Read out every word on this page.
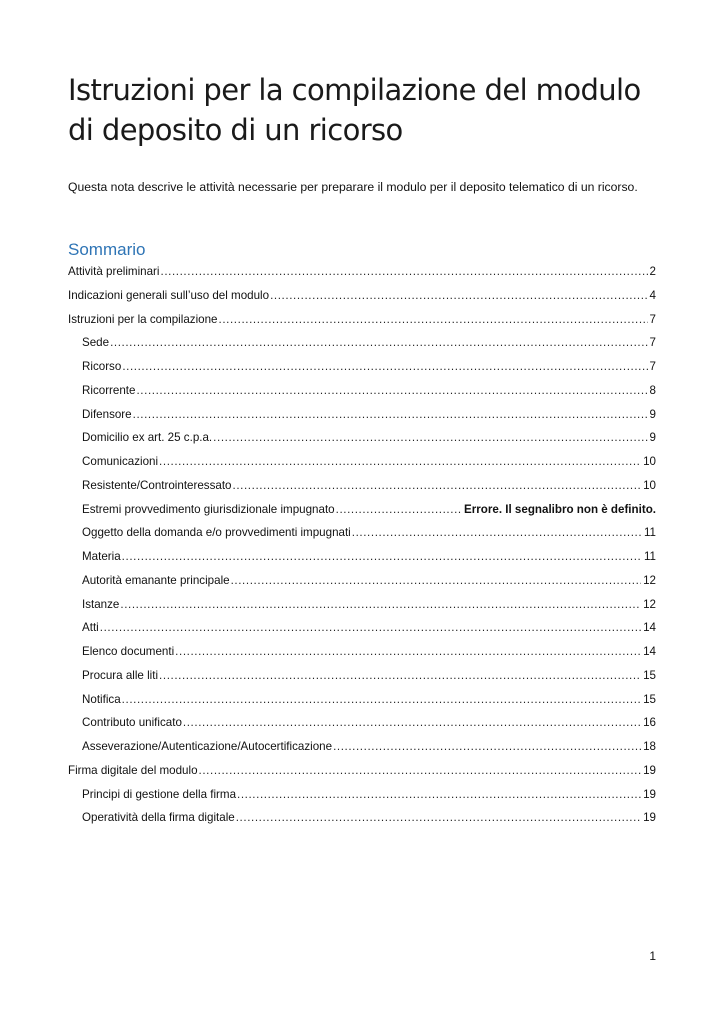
Istruzioni per la compilazione del modulo di deposito di un ricorso

Questa nota descrive le attività necessarie per preparare il modulo per il deposito telematico di un ricorso.

Sommario
Attività preliminari .....	2
Indicazioni generali sull’uso del modulo .....	4
Istruzioni per la compilazione .....	7
Sede .....	7
Ricorso .....	7
Ricorrente .....	8
Difensore .....	9
Domicilio ex art. 25 c.p.a. .....	9
Comunicazioni .....	10
Resistente/Controinteressato .....	10
Estremi provvedimento giurisdizionale impugnato .....	Errore. Il segnalibro non è definito.
Oggetto della domanda e/o provvedimenti impugnati .....	11
Materia .....	11
Autorità emanante principale .....	12
Istanze .....	12
Atti .....	14
Elenco documenti .....	14
Procura alle liti .....	15
Notifica .....	15
Contributo unificato .....	16
Asseverazione/Autenticazione/Autocertificazione .....	18
Firma digitale del modulo .....	19
Principi di gestione della firma .....	19
Operatività della firma digitale .....	19
1
